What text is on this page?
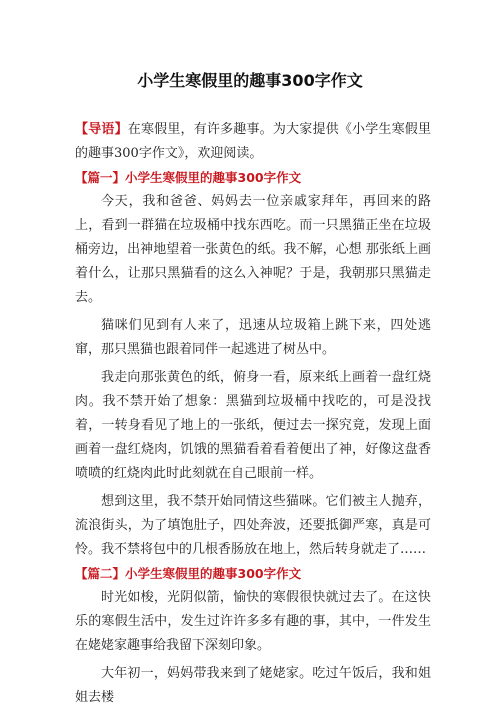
小学生寒假里的趣事300字作文

【导语】在寒假里，有许多趣事。为大家提供《小学生寒假里的趣事300字作文》，欢迎阅读。

【篇一】小学生寒假里的趣事300字作文

今天，我和爸爸、妈妈去一位亲戚家拜年，再回来的路上，看到一群猫在垃圾桶中找东西吃。而一只黑猫正坐在垃圾桶旁边，出神地望着一张黄色的纸。我不解，心想 那张纸上画着什么，让那只黑猫看的这么入神呢？于是，我朝那只黑猫走去。

猫咪们见到有人来了，迅速从垃圾箱上跳下来，四处逃窜，那只黑猫也跟着同伴一起逃进了树丛中。

我走向那张黄色的纸，俯身一看，原来纸上画着一盘红烧肉。我不禁开始了想象：黑猫到垃圾桶中找吃的，可是没找着，一转身看见了地上的一张纸，便过去一探究竟，发现上面画着一盘红烧肉，饥饿的黑猫看着看着便出了神，好像这盘香喷喷的红烧肉此时此刻就在自己眼前一样。

想到这里，我不禁开始同情这些猫咪。它们被主人抛弃，流浪街头，为了填饱肚子，四处奔波，还要抵御严寒，真是可怜。我不禁将包中的几根香肠放在地上，然后转身就走了……

【篇二】小学生寒假里的趣事300字作文

时光如梭，光阴似箭，愉快的寒假很快就过去了。在这快乐的寒假生活中，发生过许许多多有趣的事，其中，一件发生在姥姥家趣事给我留下深刻印象。

大年初一，妈妈带我来到了姥姥家。吃过午饭后，我和姐姐去楼
